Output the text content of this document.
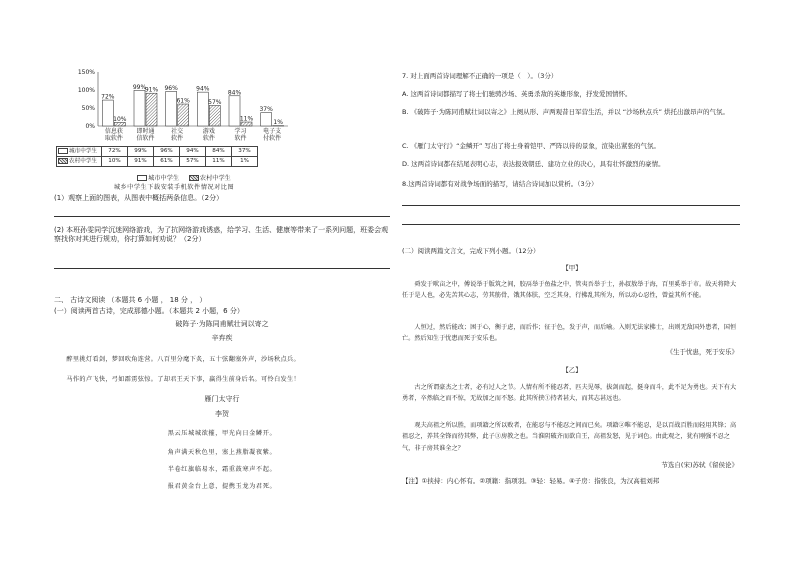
150%
100%
50%
0%
72%
10%
信息获
取软件
99%
91%
即时通
信软件
96%
61%
社交
软件
94%
57%
游戏
软件
84%
11%
学习
软件
37%
1%
电子支
付软件
城市中学生	72%	99%	96%	94%	84%	37%
农村中学生	10%	91%	61%	57%	11%	1%
城市中学生	农村中学生
城乡中学生下载安装手机软件情况对比图
(1）观察上面的图表，从图表中概括两条信息。（2分）
(2) 本班孙雯同学沉迷网络游戏，为了抗网络游戏诱惑，给学习、生活、健康等带来了一系列问题，班委会观察找你对其进行规劝，你打算如何劝说？（2分）
二、 古诗文阅读 （本题共 6 小题 ， 18 分 ， ）
(一）阅读两首古诗，完成那德小题。（本题共 2 小题，6 分）
破阵子·为陈同甫赋壮词以寄之
辛弃疾
醉里挑灯看剑，梦回吹角连营。八百里分麾下炙，五十弦翻塞外声，沙场秋点兵。
马作的卢飞快，弓如霹雳弦惊。了却君王天下事，赢得生前身后名。可怜白发生！
雁门太守行
李贺
黑云压城城欲摧，甲光向日金鳞开。
角声满天秋色里，塞上燕脂凝夜紫。
半卷红旗临易水，霜重鼓寒声不起。
报君黄金台上意，提携玉龙为君死。
7. 对上面两首诗词理解不正确的一项是（　）。（3分）
A. 这两首诗词都描写了将士们驰骋沙场、英勇杀敌的英雄形象，抒发爱国情怀。
B. 《破阵子·为陈同甫赋壮词以寄之》上阕从形、声两观昔日军营生活，并以 “沙场秋点兵” 烘托出激昂声的气氛。
C. 《雁门太守行》“金鳞开” 写出了将士身着铠甲、严阵以待的景象，渲染出紧张的气氛。
D. 这两首诗词都在结尾表明心志，表达报效朝廷、建功立业的决心，具有壮怀激烈的豪情。
8.这两首诗词都有对战争场面的描写，请结合诗词加以赏析。（3分）
(二）阅读两篇文言文，完成下列小题。（12分）
【甲】
舜发于畎亩之中，傅说举于版筑之间，胶鬲举于鱼盐之中，管夷吾举于士，孙叔敖举于海，百里奚举于市。故天将降大任于是人也，必先苦其心志，劳其筋骨，饿其体肤，空乏其身，行拂乱其所为，所以动心忍性，曾益其所不能。
人恒过，然后能改；困于心，衡于虑，而后作；征于色，发于声，而后喻。入则无法家拂士，出则无敌国外患者，国恒亡。然后知生于忧患而死于安乐也。
《生于忧患，死于安乐》
【乙】
古之所谓豪杰之士者，必有过人之节。人情有所不能忍者，匹夫见辱，拔剑而起，挺身而斗，此不足为勇也。天下有大勇者，卒然临之而不惊，无故加之而不怒。此其所挟①持者甚大，而其志甚远也。
观夫高祖之所以胜，而项籍之所以败者，在能忍与不能忍之间而已矣。项籍②唯不能忍，是以百战百胜而轻用其锋；高祖忍之，养其全锋而待其弊，此子③房教之也。当淮阴破齐而欲自王，高祖发怒，见于词色。由此观之，犹有刚强不忍之气，非子房其谁全之？
节选自(宋)苏轼《留侯论》
【注】①挟持：内心怀有。②项籍：指项羽。③轻：轻易。④子房：指张良，为汉高祖刘邦
